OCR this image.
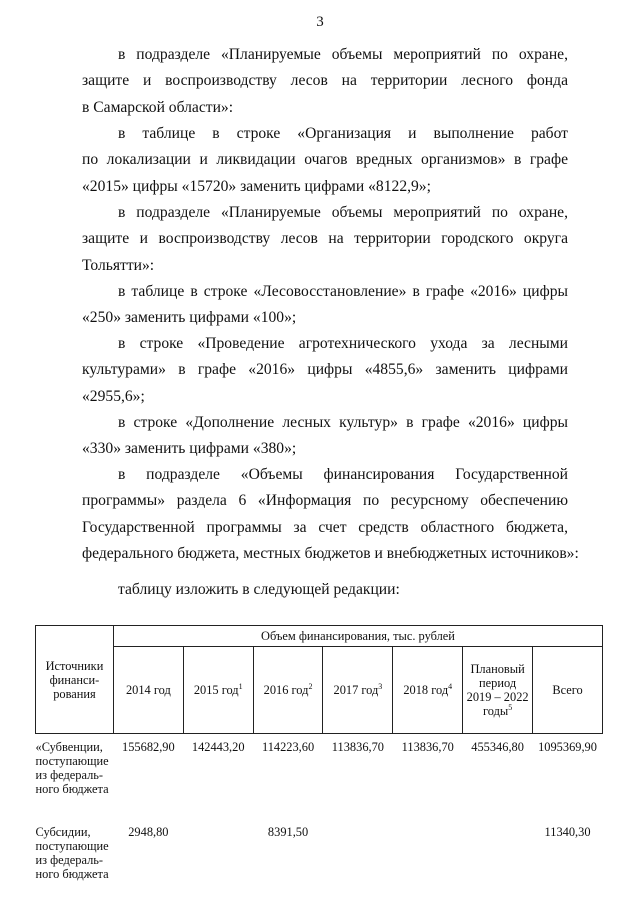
3
в подразделе «Планируемые объемы мероприятий по охране,
защите и воспроизводству лесов на территории лесного фонда
в Самарской области»:
в таблице в строке «Организация и выполнение работ
по локализации и ликвидации очагов вредных организмов» в графе
«2015» цифры «15720» заменить цифрами «8122,9»;
в подразделе «Планируемые объемы мероприятий по охране,
защите и воспроизводству лесов на территории городского округа
Тольятти»:
в таблице в строке «Лесовосстановление» в графе «2016» цифры
«250» заменить цифрами «100»;
в строке «Проведение агротехнического ухода за лесными
культурами» в графе «2016» цифры «4855,6» заменить цифрами
«2955,6»;
в строке «Дополнение лесных культур» в графе «2016» цифры
«330» заменить цифрами «380»;
в подразделе «Объемы финансирования Государственной
программы» раздела 6 «Информация по ресурсному обеспечению
Государственной программы за счет средств областного бюджета,
федерального бюджета, местных бюджетов и внебюджетных источников»:
таблицу изложить в следующей редакции:
Источники финанси-рования	Объем финансирования, тыс. рублей						
	2014 год	2015 год$^1$	2016 год$^2$	2017 год$^3$	2018 год$^4$	Плановый период 2019 – 2022 годы$^5$	Всего
«Субвенции, поступающие из федераль-ного бюджета	155682,90	142443,20	114223,60	113836,70	113836,70	455346,80	1095369,90
Субсидии, поступающие из федераль-ного бюджета	2948,80		8391,50				11340,30
